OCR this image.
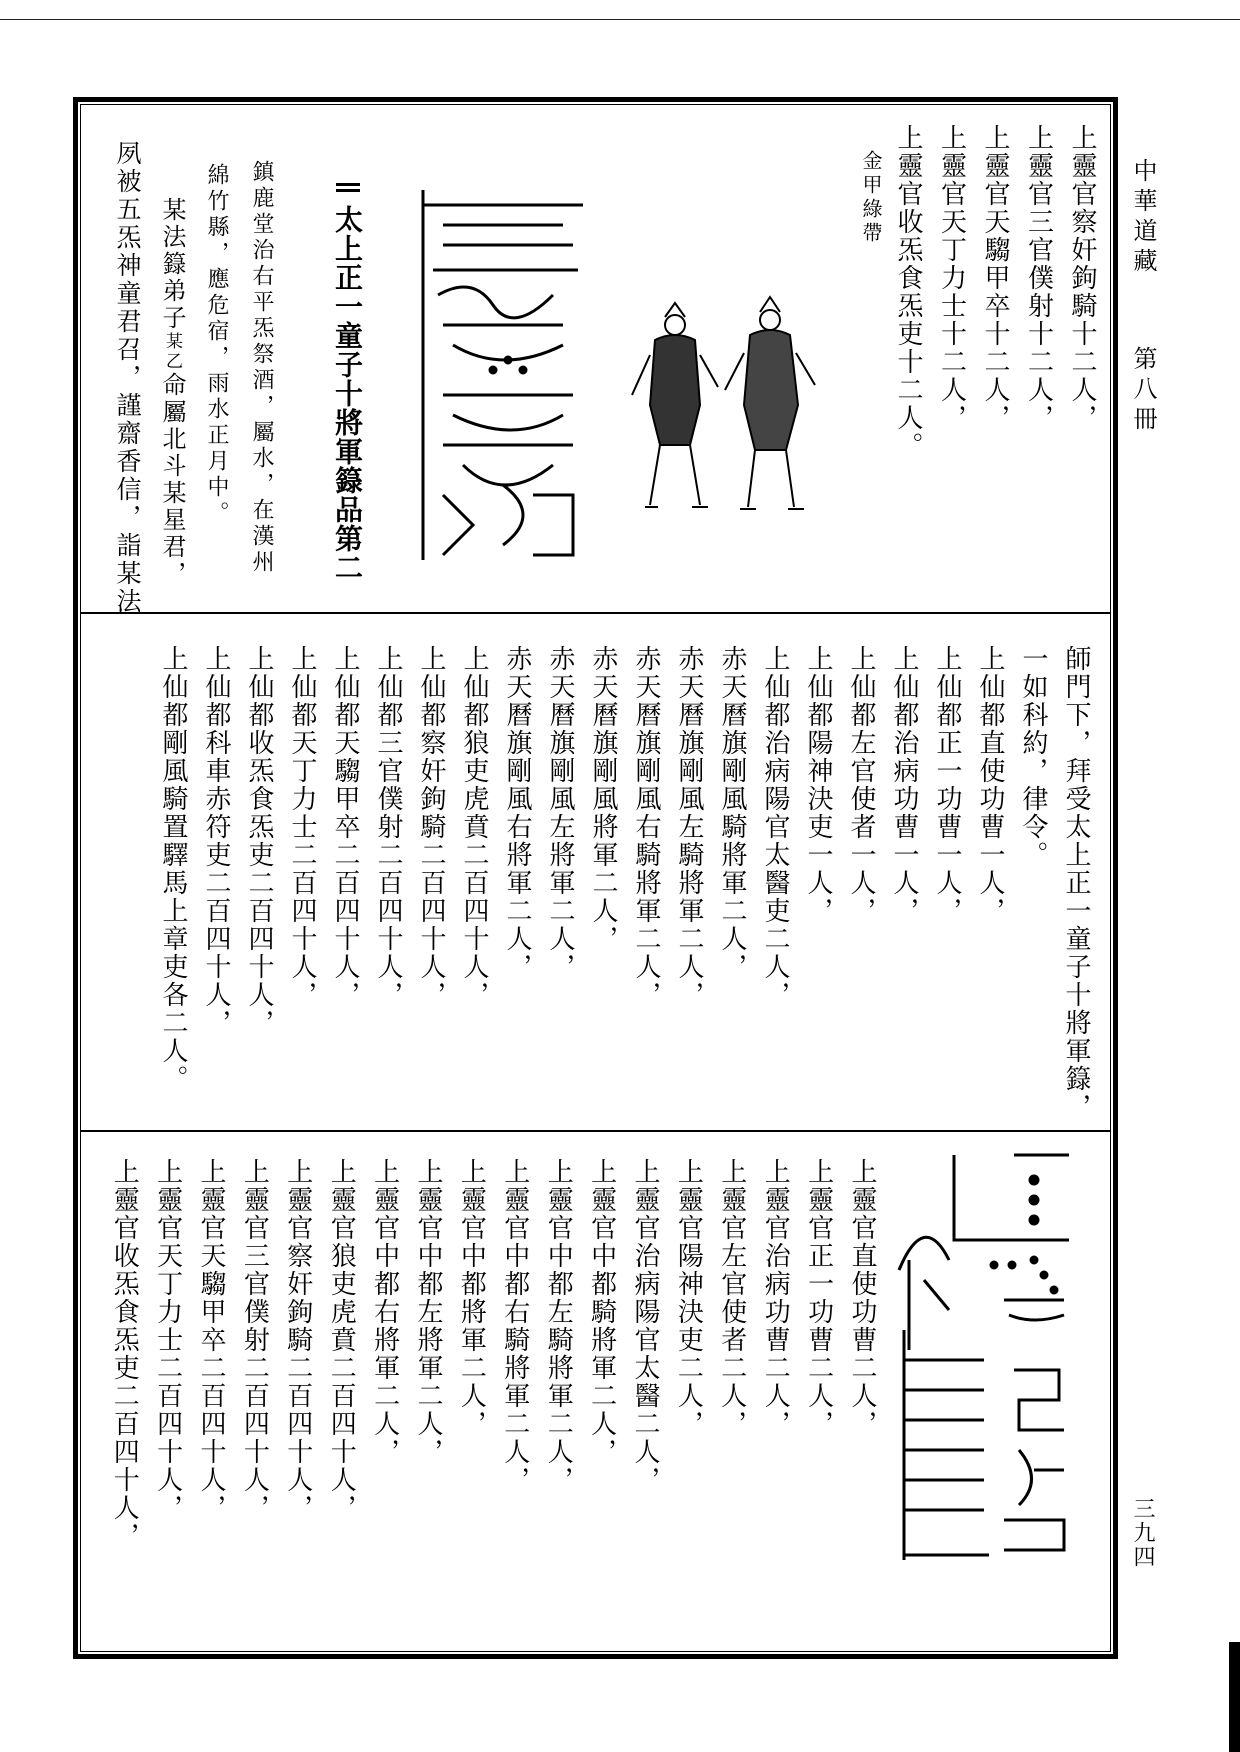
中華道藏
第八冊
三九四
上靈官察奸鉤騎十二人，
上靈官三官僕射十二人，
上靈官天騶甲卒十二人，
上靈官天丁力士十二人，
上靈官收炁食炁吏十二人。
金甲綠帶
太上正一童子十將軍籙品第二
鎮鹿堂治右平炁祭酒，屬水，在漢州
綿竹縣，應危宿，雨水正月中。
某法籙弟子某乙命屬北斗某星君，
夙被五炁神童君召，謹齋香信，詣某法
師門下，拜受太上正一童子十將軍籙，
一如科約，律令。
上仙都直使功曹一人，
上仙都正一功曹一人，
上仙都治病功曹一人，
上仙都左官使者一人，
上仙都陽神決吏一人，
上仙都治病陽官太醫吏二人，
赤天曆旗剛風騎將軍二人，
赤天曆旗剛風左騎將軍二人，
赤天曆旗剛風右騎將軍二人，
赤天曆旗剛風將軍二人，
赤天曆旗剛風左將軍二人，
赤天曆旗剛風右將軍二人，
上仙都狼吏虎賁二百四十人，
上仙都察奸鉤騎二百四十人，
上仙都三官僕射二百四十人，
上仙都天騶甲卒二百四十人，
上仙都天丁力士二百四十人，
上仙都收炁食炁吏二百四十人，
上仙都科車赤符吏二百四十人，
上仙都剛風騎置驛馬上章吏各二人。
上靈官直使功曹二人，
上靈官正一功曹二人，
上靈官治病功曹二人，
上靈官左官使者二人，
上靈官陽神決吏二人，
上靈官治病陽官太醫二人，
上靈官中都騎將軍二人，
上靈官中都左騎將軍二人，
上靈官中都右騎將軍二人，
上靈官中都將軍二人，
上靈官中都左將軍二人，
上靈官中都右將軍二人，
上靈官狼吏虎賁二百四十人，
上靈官察奸鉤騎二百四十人，
上靈官三官僕射二百四十人，
上靈官天騶甲卒二百四十人，
上靈官天丁力士二百四十人，
上靈官收炁食炁吏二百四十人，
